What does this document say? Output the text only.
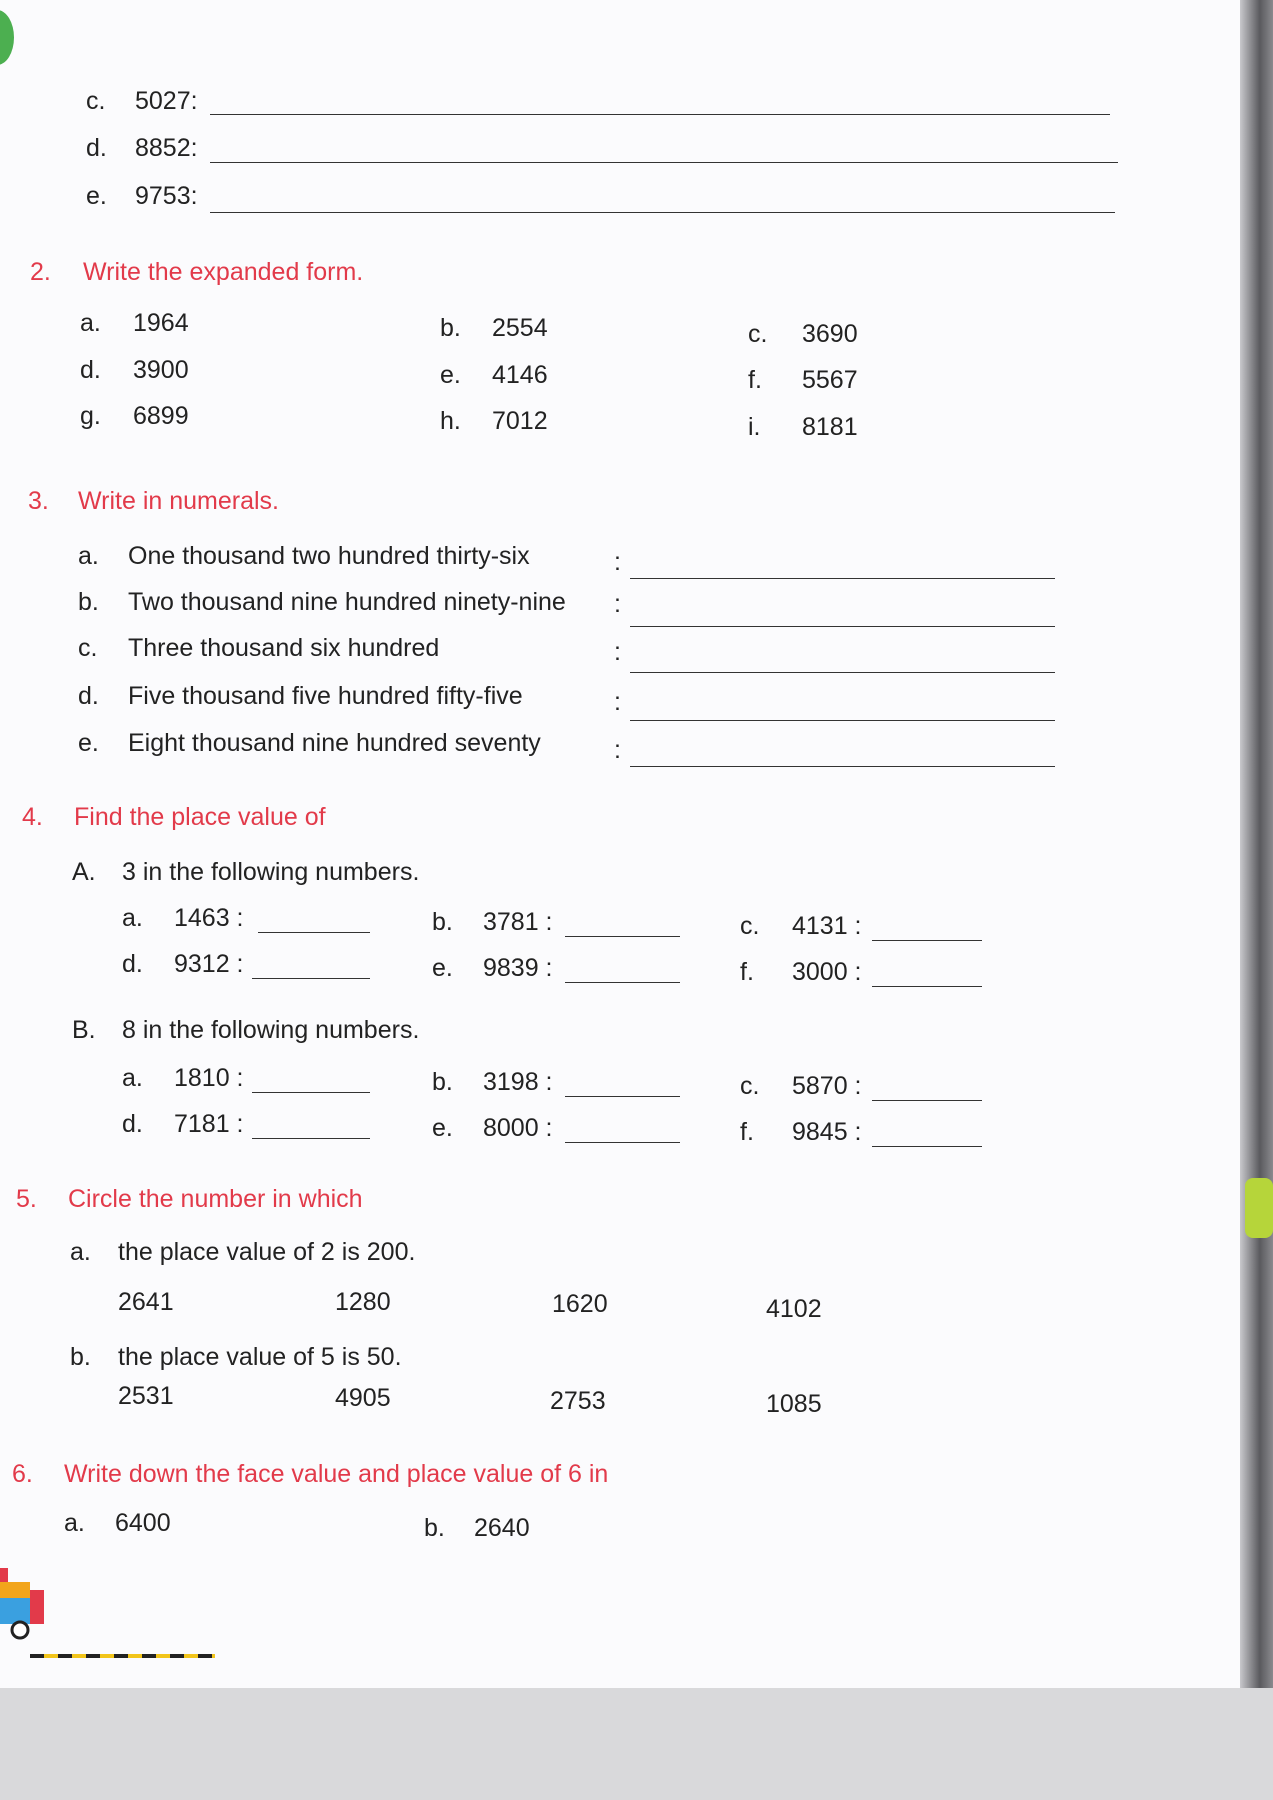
c. 5027:
d. 8852:
e. 9753:
2. Write the expanded form.
a. 1964	b. 2554	c. 3690
d. 3900	e. 4146	f. 5567
g. 6899	h. 7012	i. 8181
3. Write in numerals.
a. One thousand two hundred thirty-six	:
b. Two thousand nine hundred ninety-nine :
c. Three thousand six hundred	:
d. Five thousand five hundred fifty-five	:
e. Eight thousand nine hundred seventy	:
4. Find the place value of
A. 3 in the following numbers.
a. 1463 :	b. 3781 :	c. 4131 :
d. 9312 :	e. 9839 :	f. 3000 :
B. 8 in the following numbers.
a. 1810 :	b. 3198 :	c. 5870 :
d. 7181 :	e. 8000 :	f. 9845 :
5. Circle the number in which
a. the place value of 2 is 200.
2641	1280	1620	4102
b. the place value of 5 is 50.
2531	4905	2753	1085
6. Write down the face value and place value of 6 in
a. 6400	b. 2640
